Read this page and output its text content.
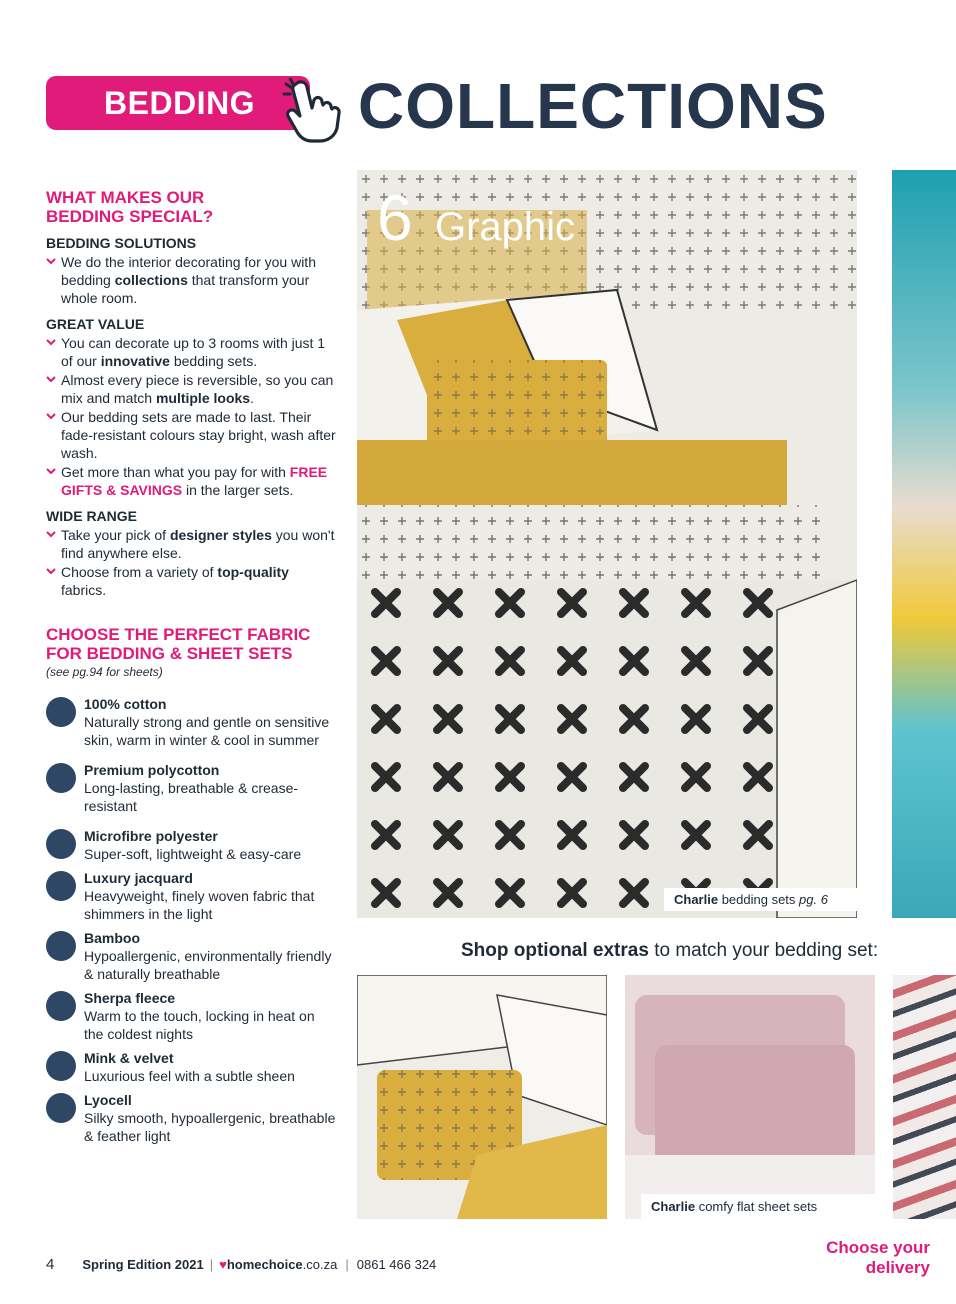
BEDDING COLLECTIONS
WHAT MAKES OUR
BEDDING SPECIAL?
BEDDING SOLUTIONS
We do the interior decorating for you with bedding collections that transform your whole room.
GREAT VALUE
You can decorate up to 3 rooms with just 1 of our innovative bedding sets.
Almost every piece is reversible, so you can mix and match multiple looks.
Our bedding sets are made to last. Their fade-resistant colours stay bright, wash after wash.
Get more than what you pay for with FREE GIFTS & SAVINGS in the larger sets.
WIDE RANGE
Take your pick of designer styles you won't find anywhere else.
Choose from a variety of top-quality fabrics.
CHOOSE THE PERFECT FABRIC
FOR BEDDING & SHEET SETS
(see pg.94 for sheets)
100% cotton
Naturally strong and gentle on sensitive skin, warm in winter & cool in summer
Premium polycotton
Long-lasting, breathable & crease-resistant
Microfibre polyester
Super-soft, lightweight & easy-care
Luxury jacquard
Heavyweight, finely woven fabric that shimmers in the light
Bamboo
Hypoallergenic, environmentally friendly & naturally breathable
Sherpa fleece
Warm to the touch, locking in heat on the coldest nights
Mink & velvet
Luxurious feel with a subtle sheen
Lyocell
Silky smooth, hypoallergenic, breathable & feather light
6 Graphic
Charlie bedding sets pg. 6
Shop optional extras to match your bedding set:
Charlie comfy flat sheet sets
4 Spring Edition 2021 | ♥ homechoice .co.za | 0861 466 324
Choose your
delivery
